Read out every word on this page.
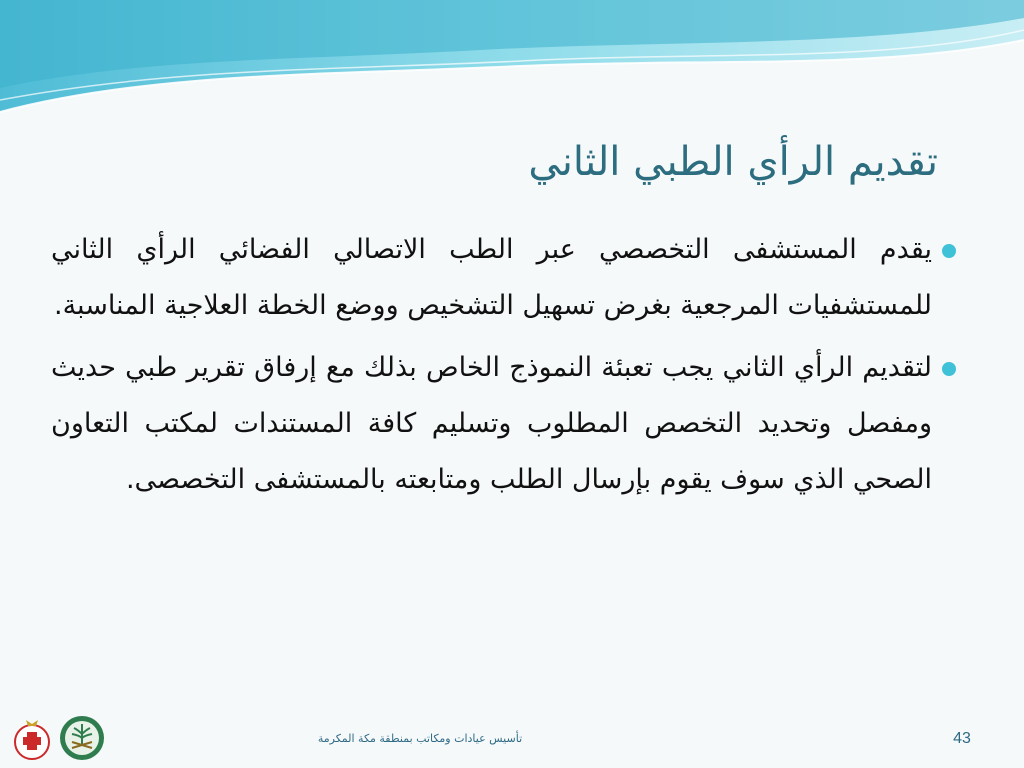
تقديم الرأي الطبي الثاني
يقدم المستشفى التخصصي عبر الطب الاتصالي الفضائي الرأي الثاني للمستشفيات المرجعية بغرض تسهيل التشخيص ووضع الخطة العلاجية المناسبة.
لتقديم الرأي الثاني يجب تعبئة النموذج الخاص بذلك مع إرفاق تقرير طبي حديث ومفصل وتحديد التخصص المطلوب وتسليم كافة المستندات لمكتب التعاون الصحي الذي سوف يقوم بإرسال الطلب ومتابعته بالمستشفى التخصصى.
تأسيس عيادات ومكاتب بمنطقة مكة المكرمة	43
